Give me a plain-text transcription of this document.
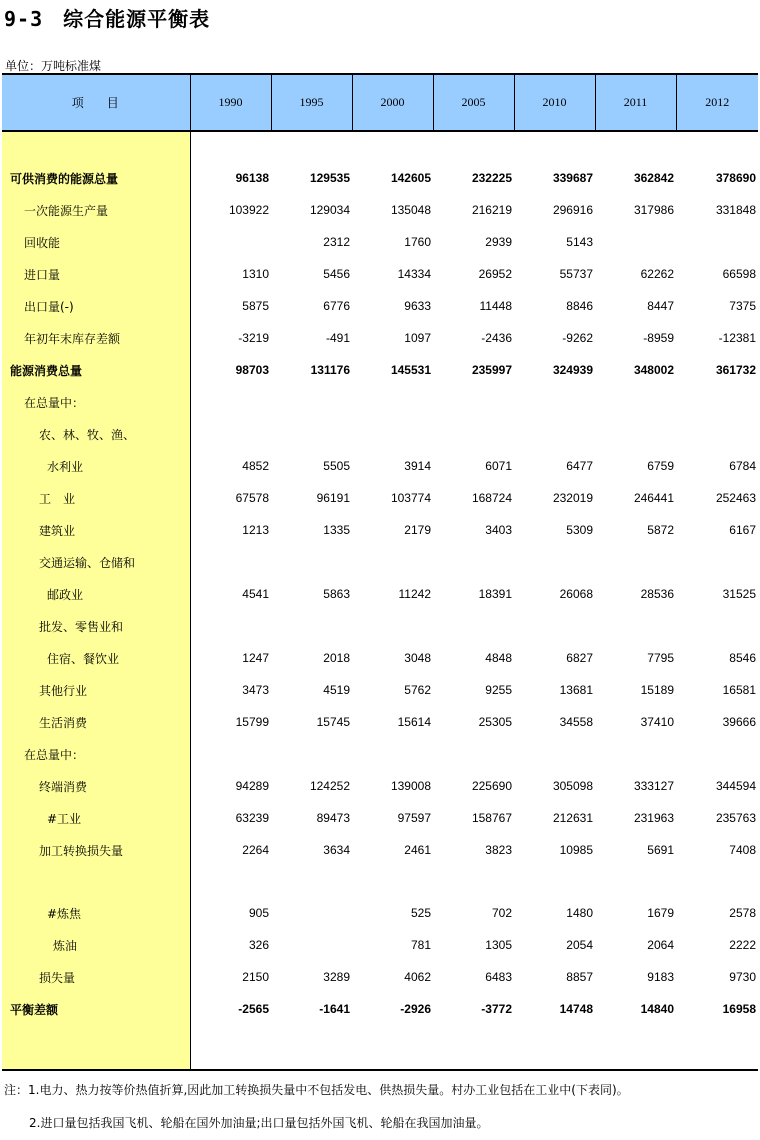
9-3 综合能源平衡表
单位：万吨标准煤
项 目	1990	1995	2000	2005	2010	2011	2012

可供消费的能源总量	96138	129535	142605	232225	339687	362842	378690
一次能源生产量	103922	129034	135048	216219	296916	317986	331848
回收能		2312	1760	2939	5143		
进口量	1310	5456	14334	26952	55737	62262	66598
出口量(-)	5875	6776	9633	11448	8846	8447	7375
年初年末库存差额	-3219	-491	1097	-2436	-9262	-8959	-12381
能源消费总量	98703	131176	145531	235997	324939	348002	361732
在总量中：							
农、林、牧、渔、							
水利业	4852	5505	3914	6071	6477	6759	6784
工　业	67578	96191	103774	168724	232019	246441	252463
建筑业	1213	1335	2179	3403	5309	5872	6167
交通运输、仓储和							
邮政业	4541	5863	11242	18391	26068	28536	31525
批发、零售业和							
住宿、餐饮业	1247	2018	3048	4848	6827	7795	8546
其他行业	3473	4519	5762	9255	13681	15189	16581
生活消费	15799	15745	15614	25305	34558	37410	39666
在总量中：							
终端消费	94289	124252	139008	225690	305098	333127	344594
#工业	63239	89473	97597	158767	212631	231963	235763
加工转换损失量	2264	3634	2461	3823	10985	5691	7408

#炼焦	905		525	702	1480	1679	2578
炼油	326		781	1305	2054	2064	2222
损失量	2150	3289	4062	6483	8857	9183	9730
平衡差额	-2565	-1641	-2926	-3772	14748	14840	16958

注：1.电力、热力按等价热值折算,因此加工转换损失量中不包括发电、供热损失量。村办工业包括在工业中(下表同)。
2.进口量包括我国飞机、轮船在国外加油量;出口量包括外国飞机、轮船在我国加油量。
